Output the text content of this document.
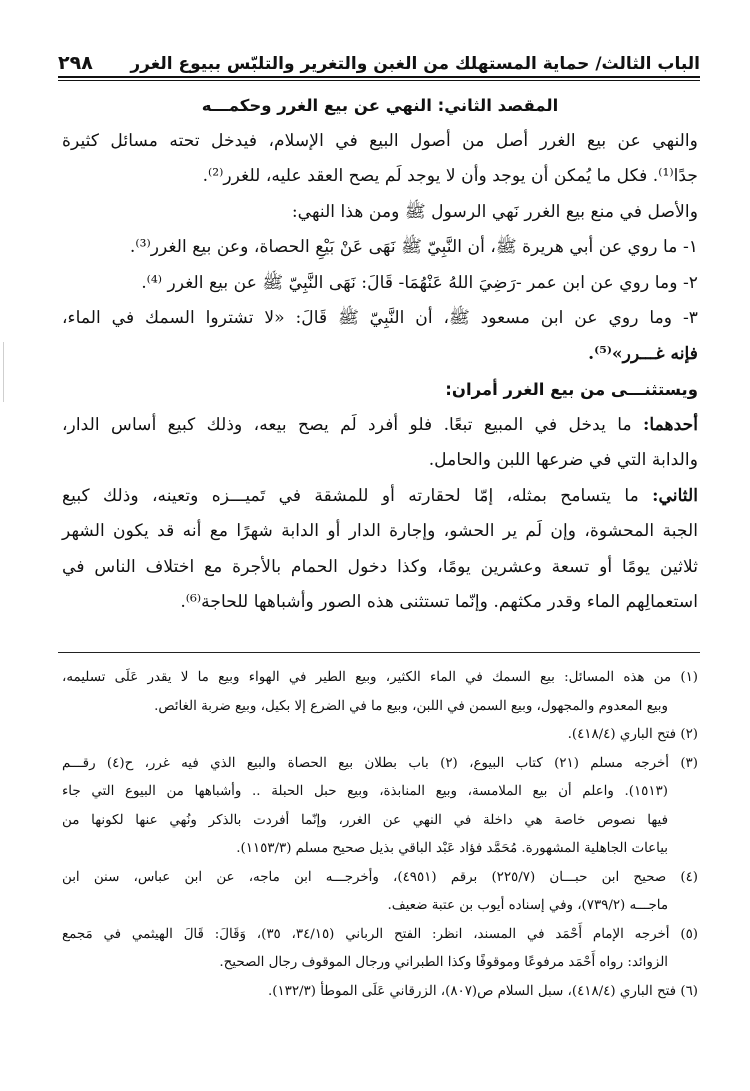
الباب الثالث/ حماية المستهلك من الغبن والتغرير والتلبّس ببيوع الغرر
٢٩٨
المقصد الثاني: النهي عن بيع الغرر وحكمـــه
والنهي عن بيع الغرر أصل من أصول البيع في الإسلام، فيدخل تحته مسائل كثيرة
جدًا⁽¹⁾. فكل ما يُمكن أن يوجد وأن لا يوجد لَم يصح العقد عليه، للغرر⁽²⁾.
والأصل في منع بيع الغرر نَهي الرسول ﷺ ومن هذا النهي:
١- ما روي عن أبي هريرة ﷺ، أن النَّبِيّ ﷺ نَهَى عَنْ بَيْعِ الحصاة، وعن بيع الغرر⁽³⁾.
٢- وما روي عن ابن عمر -رَضِيَ اللهُ عَنْهُمَا- قَالَ: نَهَى النَّبِيّ ﷺ عن بيع الغرر ⁽⁴⁾.
٣- وما روي عن ابن مسعود ﷺ، أن النَّبِيّ ﷺ قَالَ: «لا تشتروا السمك في الماء،
فإنه غـــرر»⁽⁵⁾.
ويستثنـــى من بيع الغرر أمران:
أحدهما: ما يدخل في المبيع تبعًا. فلو أفرد لَم يصح بيعه، وذلك كبيع أساس الدار،
والدابة التي في ضرعها اللبن والحامل.
الثاني: ما يتسامح بمثله، إمّا لحقارته أو للمشقة في تَميـــزه وتعينه، وذلك كبيع
الجبة المحشوة، وإن لَم ير الحشو، وإجارة الدار أو الدابة شهرًا مع أنه قد يكون الشهر
ثلاثين يومًا أو تسعة وعشرين يومًا، وكذا دخول الحمام بالأجرة مع اختلاف الناس في
استعمالِهم الماء وقدر مكثهم. وإنّما تستثنى هذه الصور وأشباهها للحاجة⁽⁶⁾.
(١) من هذه المسائل: بيع السمك في الماء الكثير، وبيع الطير في الهواء وبيع ما لا يقدر عَلَى تسليمه،
وبيع المعدوم والمجهول، وبيع السمن في اللبن، وبيع ما في الضرع إلا بكيل، وبيع ضربة الغائص.
(٢) فتح الباري (٤١٨/٤).
(٣) أخرجه مسلم (٢١) كتاب البيوع، (٢) باب بطلان بيع الحصاة والبيع الذي فيه غرر، ح(٤) رقـــم
(١٥١٣). واعلم أن بيع الملامسة، وبيع المنابذة، وبيع حبل الحبلة .. وأشباهها من البيوع التي جاء
فيها نصوص خاصة هي داخلة في النهي عن الغرر، وإنّما أفردت بالذكر ونُهي عنها لكونها من
بياعات الجاهلية المشهورة. مُحَمَّد فؤاد عَبْد الباقي بذيل صحيح مسلم (١١٥٣/٣).
(٤) صحيح ابن حبـــان (٢٢٥/٧) برقم (٤٩٥١)، وأخرجـــه ابن ماجه، عن ابن عباس، سنن ابن
ماجـــه (٧٣٩/٢)، وفي إسناده أيوب بن عتبة ضعيف.
(٥) أخرجه الإمام أَحْمَد في المسند، انظر: الفتح الرباني (٣٤/١٥، ٣٥)، وَقَالَ: قَالَ الهيثمي في مَجمع
الزوائد: رواه أَحْمَد مرفوعًا وموقوفًا وكذا الطبراني ورجال الموقوف رجال الصحيح.
(٦) فتح الباري (٤١٨/٤)، سبل السلام ص(٨٠٧)، الزرقاني عَلَى الموطأ (١٣٢/٣).
